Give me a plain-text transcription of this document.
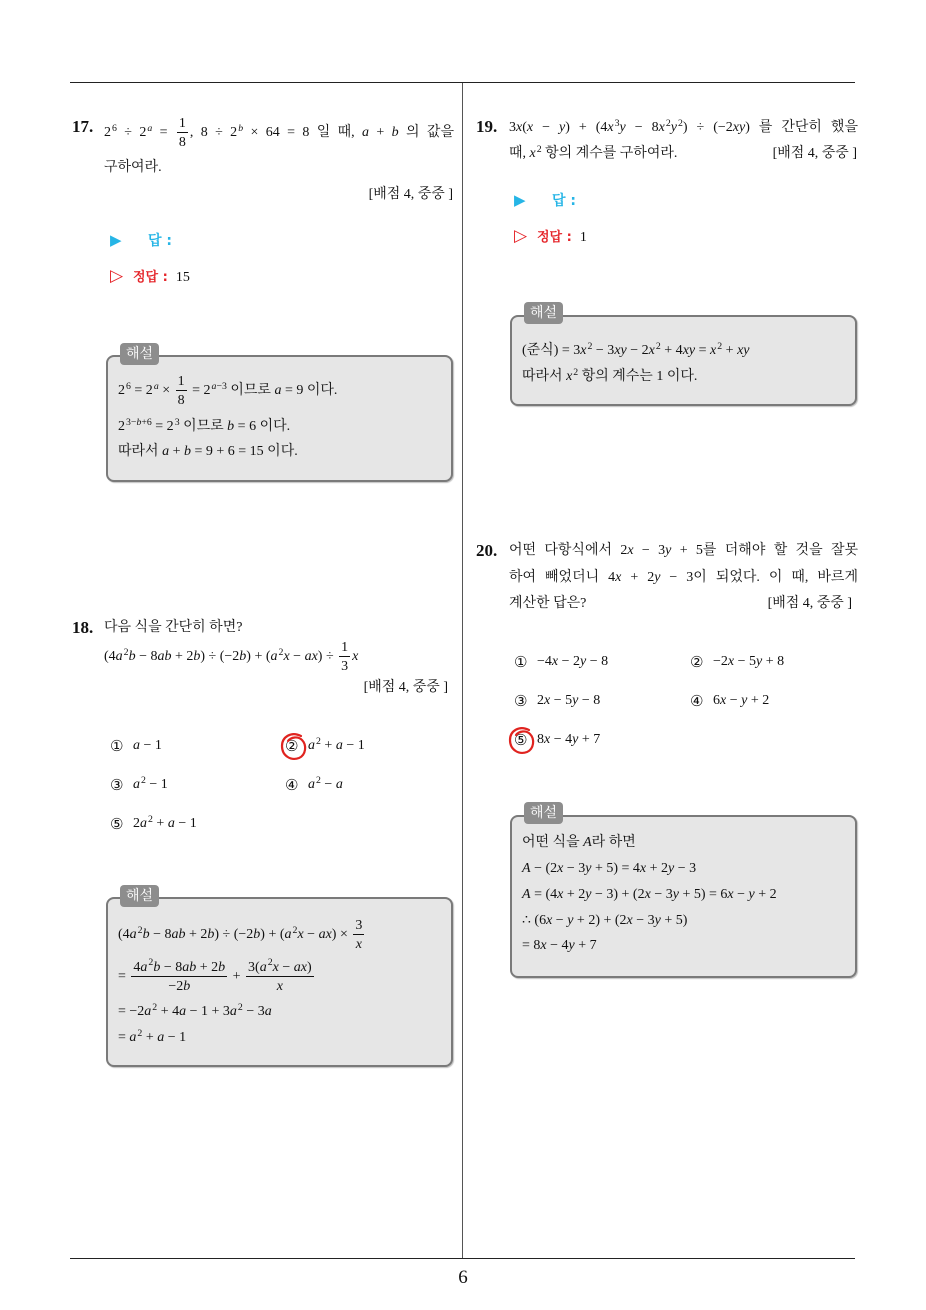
6
17. $2^6 \div 2^a = \frac{1}{8}$ , $8 \div 2^b \times 64 = 8$ 일 때, a + b 의 값을
구하여라.
[배점 4, 중중 ]
▶ 답 :
▷ 정답 : 15
해설
$2^6 = 2^a \times \frac{1}{8} = 2^{a-3}$ 이므로 a = 9 이다.
$2^{3-b+6} = 2^3$ 이므로 b = 6 이다.
따라서 a + b = 9 + 6 = 15 이다.
18. 다음 식을 간단히 하면?
$(4a^2b - 8ab + 2b) \div (-2b) + (a^2x - ax) \div \frac{1}{3}$ x
[배점 4, 중중 ]
① a − 1	② $a^2 + a - 1$
③ $a^2 - 1$	④ $a^2 - a$
⑤ $2a^2 + a - 1$
해설
$(4a^2b - 8ab + 2b) \div (-2b) + (a^2x - ax) \times \frac{3}{x}$
= $\frac{4a^2b - 8ab + 2b}{-2b} + \frac{3(a^2x - ax)}{x}$
= $-2a^2 + 4a - 1 + 3a^2 - 3a$
= $a^2 + a - 1$
19. $3x(x - y) + (4x^3y - 8x^2y^2) \div (-2xy)$ 를 간단히 했을
때, $x^2$ 항의 계수를 구하여라.	[배점 4, 중중 ]
▶ 답 :
▷ 정답 : 1
해설
(준식) = $3x^2 - 3xy - 2x^2 + 4xy = x^2$ + xy
따라서 $x^2$ 항의 계수는 1 이다.
20. 어떤 다항식에서 2x − 3y + 5를 더해야 할 것을 잘못
하여 빼었더니 4x + 2y − 3이 되었다. 이 때, 바르게
계산한 답은?	[배점 4, 중중 ]
① −4x − 2y − 8	② −2x − 5y + 8
③ 2x − 5y − 8	④ 6x − y + 2
⑤ 8x − 4y + 7
해설
어떤 식을 A라 하면
A − (2x − 3y + 5) = 4x + 2y − 3
A = (4x + 2y − 3) + (2x − 3y + 5) = 6x − y + 2
∴ (6x − y + 2) + (2x − 3y + 5)
= 8x − 4y + 7
